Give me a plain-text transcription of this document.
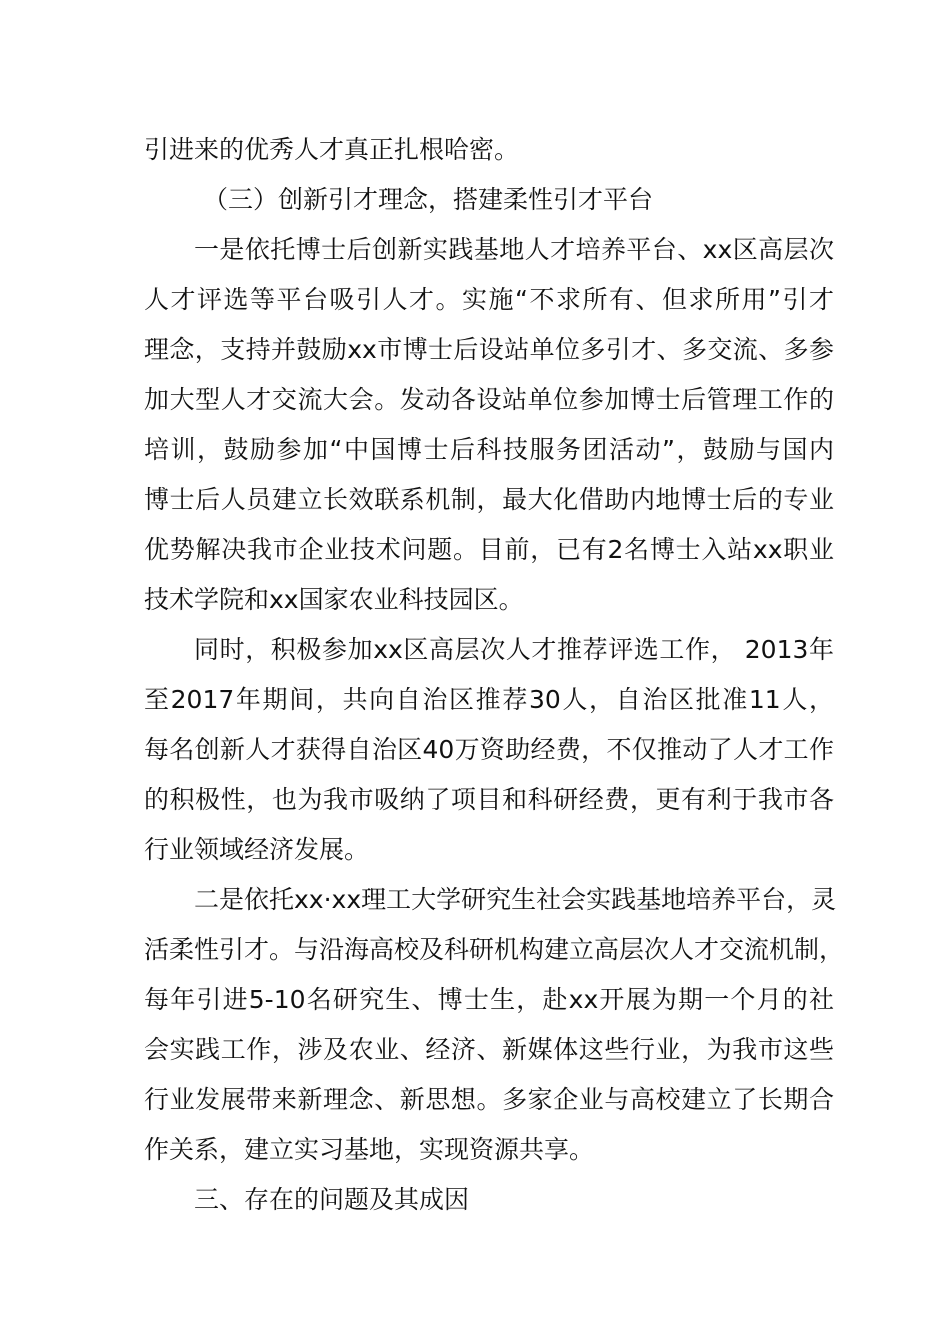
引进来的优秀人才真正扎根哈密。
（三）创新引才理念，搭建柔性引才平台
一是依托博士后创新实践基地人才培养平台、xx区高层次
人才评选等平台吸引人才。实施“不求所有、但求所用”引才
理念，支持并鼓励xx市博士后设站单位多引才、多交流、多参
加大型人才交流大会。发动各设站单位参加博士后管理工作的
培训，鼓励参加“中国博士后科技服务团活动”，鼓励与国内
博士后人员建立长效联系机制，最大化借助内地博士后的专业
优势解决我市企业技术问题。目前，已有2名博士入站xx职业
技术学院和xx国家农业科技园区。
同时，积极参加xx区高层次人才推荐评选工作， 2013年
至2017年期间，共向自治区推荐30人，自治区批准11人，
每名创新人才获得自治区40万资助经费，不仅推动了人才工作
的积极性，也为我市吸纳了项目和科研经费，更有利于我市各
行业领域经济发展。
二是依托xx·xx理工大学研究生社会实践基地培养平台，灵
活柔性引才。与沿海高校及科研机构建立高层次人才交流机制，
每年引进5-10名研究生、博士生，赴xx开展为期一个月的社
会实践工作，涉及农业、经济、新媒体这些行业，为我市这些
行业发展带来新理念、新思想。多家企业与高校建立了长期合
作关系，建立实习基地，实现资源共享。
三、存在的问题及其成因
